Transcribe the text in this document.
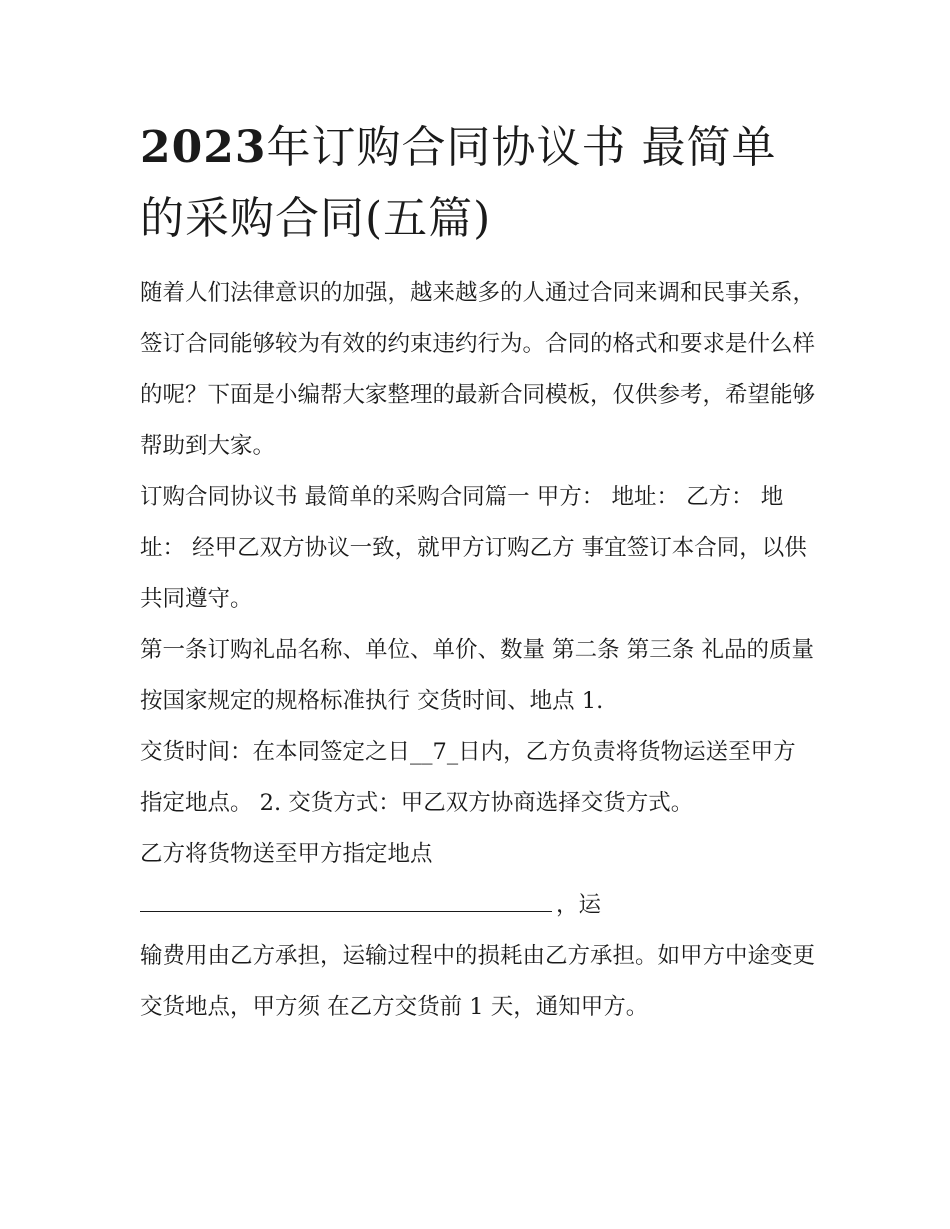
2023年订购合同协议书 最简单的采购合同(五篇)

随着人们法律意识的加强，越来越多的人通过合同来调和民事关系，签订合同能够较为有效的约束违约行为。合同的格式和要求是什么样的呢？下面是小编帮大家整理的最新合同模板，仅供参考，希望能够帮助到大家。

订购合同协议书 最简单的采购合同篇一 甲方： 地址： 乙方： 地址： 经甲乙双方协议一致，就甲方订购乙方 事宜签订本合同，以供共同遵守。

第一条订购礼品名称、单位、单价、数量 第二条 第三条 礼品的质量 按国家规定的规格标准执行 交货时间、地点 1.

交货时间：在本同签定之日__7_日内，乙方负责将货物运送至甲方指定地点。 2. 交货方式：甲乙双方协商选择交货方式。

乙方将货物送至甲方指定地点

，运

输费用由乙方承担，运输过程中的损耗由乙方承担。如甲方中途变更交货地点，甲方须 在乙方交货前 1 天，通知甲方。
